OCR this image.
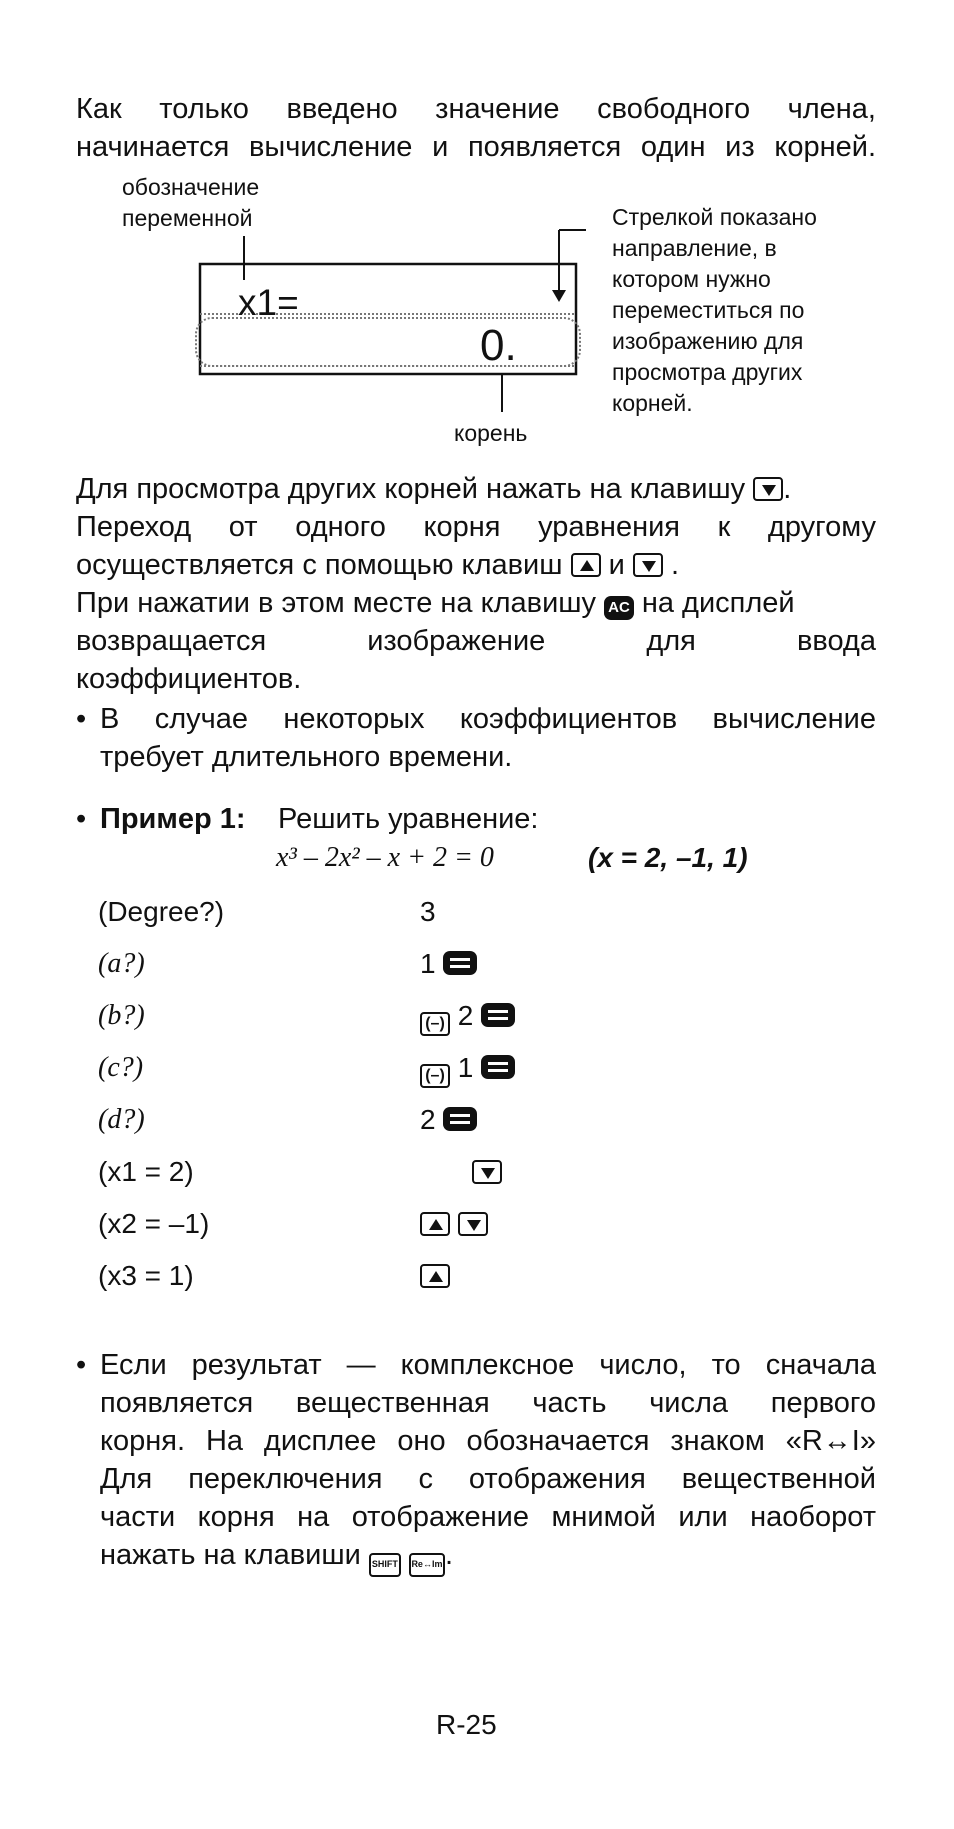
Как только введено значение свободного члена,
начинается вычисление и появляется один из корней.
обозначение
переменной
x1=
0.
корень
Стрелкой показано
направление, в
котором нужно
переместиться по
изображению для
просмотра других
корней.
Для просмотра других корней нажать на клавишу .
Переход от одного корня уравнения к другому
осуществляется с помощью клавиш и  .
При нажатии в этом месте на клавишу AC на дисплей
возвращается изображение для ввода
коэффициентов.
• В случае некоторых коэффициентов вычисление
требует длительного времени.
• Пример 1: Решить уравнение:
x³ – 2x² – x + 2 = 0	(x = 2, –1, 1)
(Degree?)	3
(a?)	1
(b?)	(–) 2
(c?)	(–) 1
(d?)	2
(x1 = 2)
(x2 = –1)

(x3 = 1)
• Если результат — комплексное число, то сначала
появляется вещественная часть числа первого
корня. На дисплее оно обозначается знаком «R↔I»
Для переключения с отображения вещественной
части корня на отображение мнимой или наоборот
нажать на клавиши SHIFT Re↔Im.
R-25
